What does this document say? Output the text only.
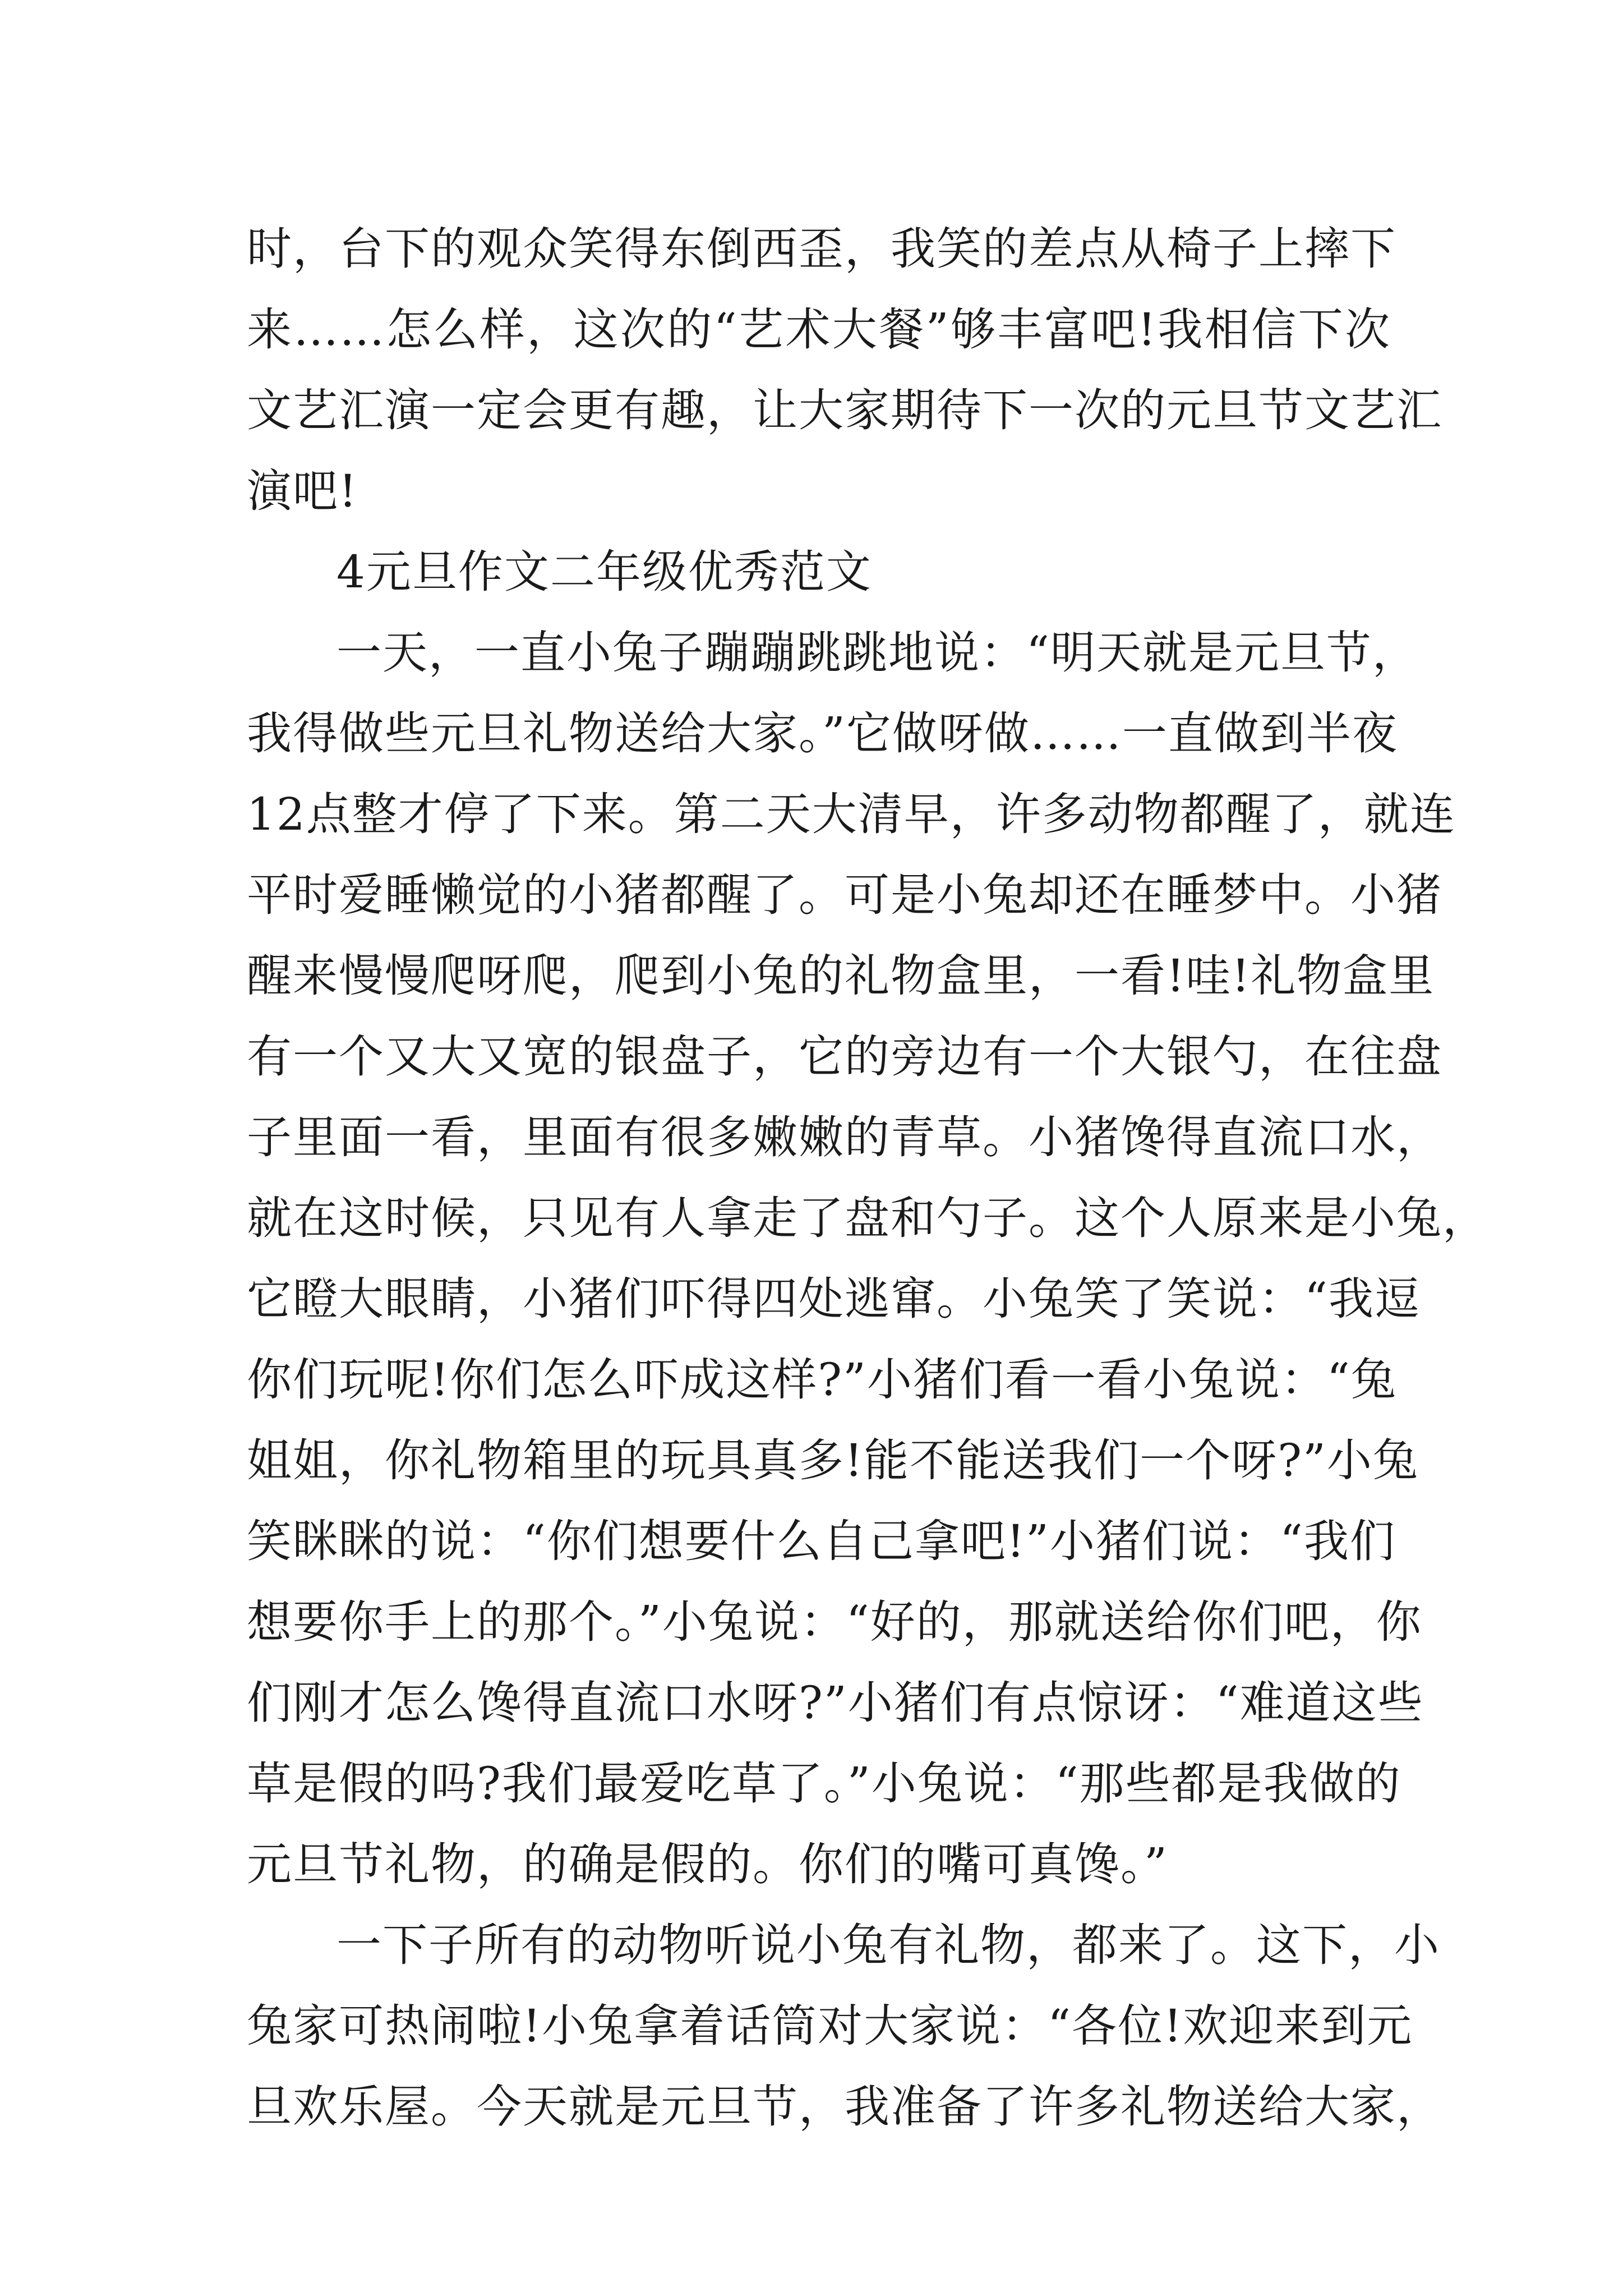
时，台下的观众笑得东倒西歪，我笑的差点从椅子上摔下
来……怎么样，这次的“艺术大餐”够丰富吧!我相信下次
文艺汇演一定会更有趣，让大家期待下一次的元旦节文艺汇
演吧!
4元旦作文二年级优秀范文
一天，一直小兔子蹦蹦跳跳地说：“明天就是元旦节，
我得做些元旦礼物送给大家。”它做呀做……一直做到半夜
12点整才停了下来。第二天大清早，许多动物都醒了，就连
平时爱睡懒觉的小猪都醒了。可是小兔却还在睡梦中。小猪
醒来慢慢爬呀爬，爬到小兔的礼物盒里，一看!哇!礼物盒里
有一个又大又宽的银盘子，它的旁边有一个大银勺，在往盘
子里面一看，里面有很多嫩嫩的青草。小猪馋得直流口水，
就在这时候，只见有人拿走了盘和勺子。这个人原来是小兔，
它瞪大眼睛，小猪们吓得四处逃窜。小兔笑了笑说：“我逗
你们玩呢!你们怎么吓成这样?”小猪们看一看小兔说：“兔
姐姐，你礼物箱里的玩具真多!能不能送我们一个呀?”小兔
笑眯眯的说：“你们想要什么自己拿吧!”小猪们说：“我们
想要你手上的那个。”小兔说：“好的，那就送给你们吧，你
们刚才怎么馋得直流口水呀?”小猪们有点惊讶：“难道这些
草是假的吗?我们最爱吃草了。”小兔说：“那些都是我做的
元旦节礼物，的确是假的。你们的嘴可真馋。”
一下子所有的动物听说小兔有礼物，都来了。这下，小
兔家可热闹啦!小兔拿着话筒对大家说：“各位!欢迎来到元
旦欢乐屋。今天就是元旦节，我准备了许多礼物送给大家，
